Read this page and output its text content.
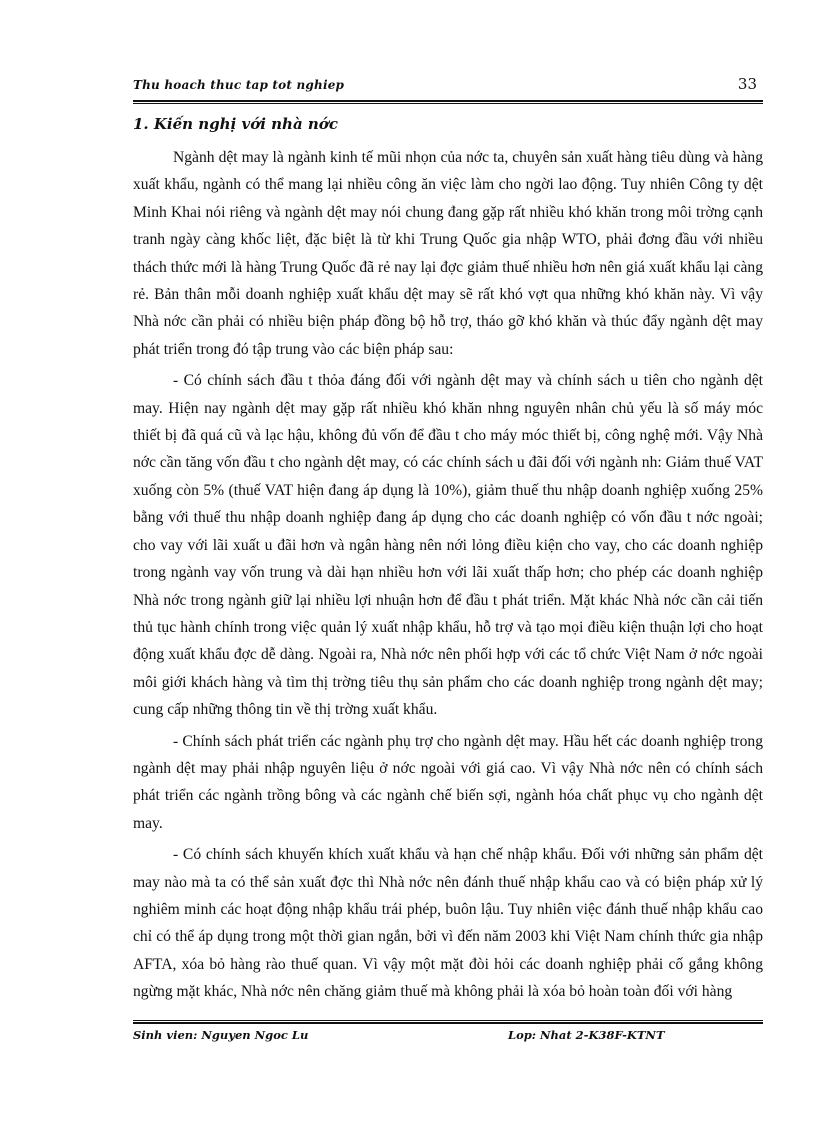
Thu hoach thuc tap tot nghiep	33
1. Kiến nghị với nhà nớc

Ngành dệt may là ngành kinh tế mũi nhọn của nớc ta, chuyên sản xuất hàng tiêu dùng và hàng xuất khẩu, ngành có thể mang lại nhiều công ăn việc làm cho ngời lao động. Tuy nhiên Công ty dệt Minh Khai nói riêng và ngành dệt may nói chung đang gặp rất nhiều khó khăn trong môi trờng cạnh tranh ngày càng khốc liệt, đặc biệt là từ khi Trung Quốc gia nhập WTO, phải đơng đầu với nhiều thách thức mới là hàng Trung Quốc đã rẻ nay lại đợc giảm thuế nhiều hơn nên giá xuất khẩu lại càng rẻ. Bản thân mỗi doanh nghiệp xuất khẩu dệt may sẽ rất khó vợt qua những khó khăn này. Vì vậy Nhà nớc cần phải có nhiều biện pháp đồng bộ hỗ trợ, tháo gỡ khó khăn và thúc đẩy ngành dệt may phát triển trong đó tập trung vào các biện pháp sau:

- Có chính sách đầu t thỏa đáng đối với ngành dệt may và chính sách u tiên cho ngành dệt may. Hiện nay ngành dệt may gặp rất nhiều khó khăn nhng nguyên nhân chủ yếu là số máy móc thiết bị đã quá cũ và lạc hậu, không đủ vốn để đầu t cho máy móc thiết bị, công nghệ mới. Vậy Nhà nớc cần tăng vốn đầu t cho ngành dệt may, có các chính sách u đãi đối với ngành nh: Giảm thuế VAT xuống còn 5% (thuế VAT hiện đang áp dụng là 10%), giảm thuế thu nhập doanh nghiệp xuống 25% bằng với thuế thu nhập doanh nghiệp đang áp dụng cho các doanh nghiệp có vốn đầu t nớc ngoài; cho vay với lãi xuất u đãi hơn và ngân hàng nên nới lỏng điều kiện cho vay, cho các doanh nghiệp trong ngành vay vốn trung và dài hạn nhiều hơn với lãi xuất thấp hơn; cho phép các doanh nghiệp Nhà nớc trong ngành giữ lại nhiều lợi nhuận hơn để đầu t phát triển. Mặt khác Nhà nớc cần cải tiến thủ tục hành chính trong việc quản lý xuất nhập khẩu, hỗ trợ và tạo mọi điều kiện thuận lợi cho hoạt động xuất khẩu đợc dễ dàng. Ngoài ra, Nhà nớc nên phối hợp với các tổ chức Việt Nam ở nớc ngoài môi giới khách hàng và tìm thị trờng tiêu thụ sản phẩm cho các doanh nghiệp trong ngành dệt may; cung cấp những thông tin về thị trờng xuất khẩu.

- Chính sách phát triển các ngành phụ trợ cho ngành dệt may. Hầu hết các doanh nghiệp trong ngành dệt may phải nhập nguyên liệu ở nớc ngoài với giá cao. Vì vậy Nhà nớc nên có chính sách phát triển các ngành trồng bông và các ngành chế biến sợi, ngành hóa chất phục vụ cho ngành dệt may.

- Có chính sách khuyến khích xuất khẩu và hạn chế nhập khẩu. Đối với những sản phẩm dệt may nào mà ta có thể sản xuất đợc thì Nhà nớc nên đánh thuế nhập khẩu cao và có biện pháp xử lý nghiêm minh các hoạt động nhập khẩu trái phép, buôn lậu. Tuy nhiên việc đánh thuế nhập khẩu cao chỉ có thể áp dụng trong một thời gian ngắn, bởi vì đến năm 2003 khi Việt Nam chính thức gia nhập AFTA, xóa bỏ hàng rào thuế quan. Vì vậy một mặt đòi hỏi các doanh nghiệp phải cố gắng không ngừng mặt khác, Nhà nớc nên chăng giảm thuế mà không phải là xóa bỏ hoàn toàn đối với hàng

Sinh vien: Nguyen Ngoc Lu	Lop: Nhat 2-K38F-KTNT
